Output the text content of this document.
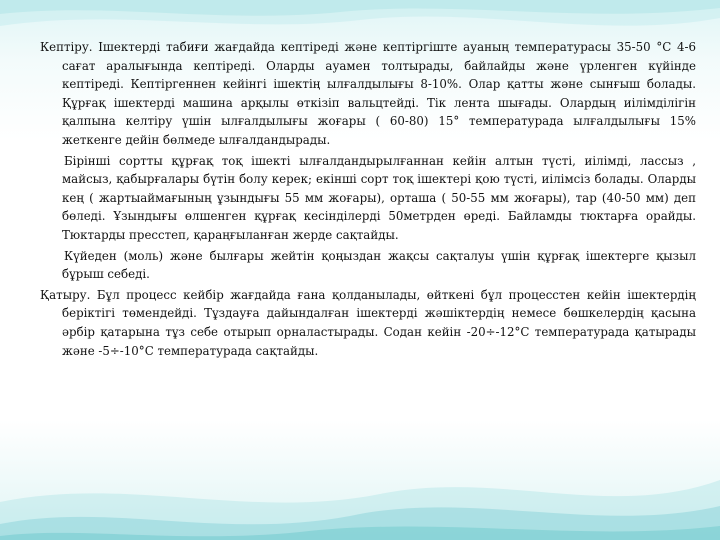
Кептіру. Ішектерді табиғи жағдайда кептіреді және кептіргіште ауаның температурасы 35-50 °С 4-6 сағат аралығында кептіреді. Оларды ауамен толтырады, байлайды және үрленген күйінде кептіреді. Кептіргеннен кейінгі ішектің ылғалдылығы 8-10%. Олар қатты және сынғыш болады. Құрғақ ішектерді машина арқылы өткізіп вальцтейді. Тік лента шығады. Олардың иілімділігін қалпына келтіру үшін ылғалдылығы жоғары ( 60-80) 15° температурада ылғалдылығы 15% жеткенге дейін бөлмеде ылғалдандырады.

Бірінші сортты құрғақ тоқ ішекті ылғалдандырылғаннан кейін алтын түсті, иілімді, лассыз , майсыз, қабырғалары бүтін болу керек; екінші сорт тоқ ішектері қою түсті, иілімсіз болады. Оларды кең ( жартыаймағының ұзындығы 55 мм жоғары), орташа ( 50-55 мм жоғары), тар (40-50 мм) деп бөледі. Ұзындығы өлшенген құрғақ кесінділерді 50метрден өреді. Байламды тюктарға орайды. Тюктарды пресстеп, қараңғыланған жерде сақтайды.

Күйеден (моль) жәнe былғары жейтін қоңыздан жақсы сақталуы үшін құрғақ ішектерге қызыл бұрыш себеді.

Қатыру. Бұл процесс кейбір жағдайда ғана қолданылады, өйткені бұл процесстен кейін ішектердің беріктігі төмендейді. Тұздауға дайындалған ішектерді жәшіктердің немесе бөшкелердің қасына әрбір қатарына тұз себе отырып орналастырады. Содан кейін -20÷-12°С температурада қатырады және -5÷-10°С температурада сақтайды.
